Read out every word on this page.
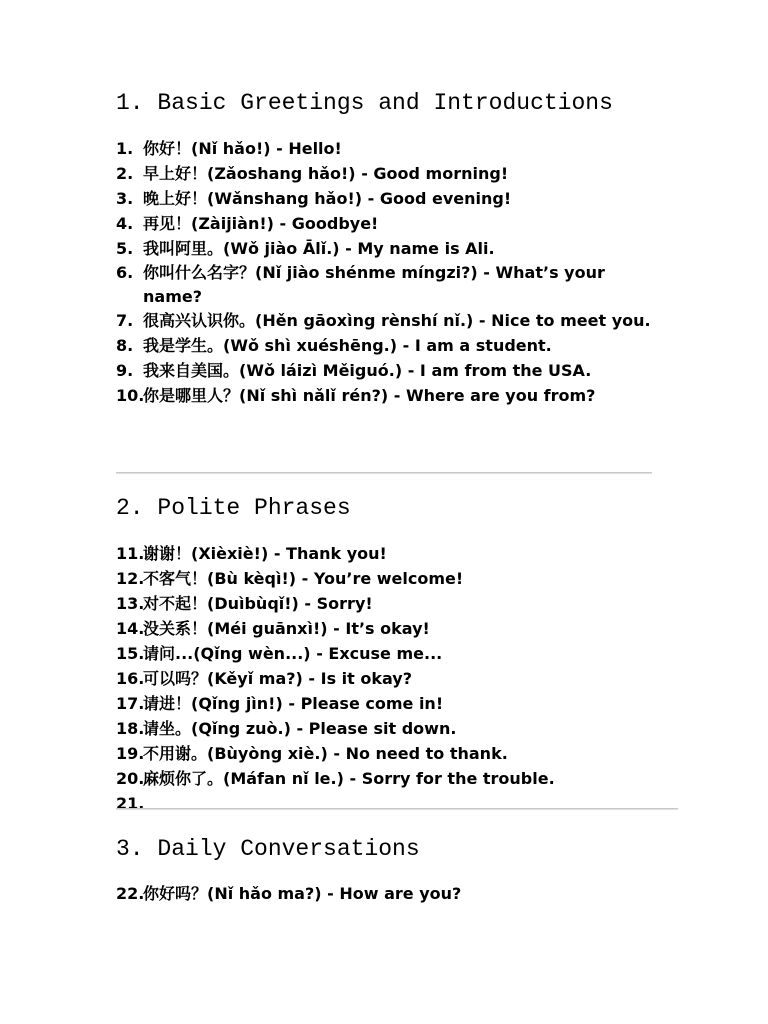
1. Basic Greetings and Introductions
1. 你好！(Nǐ hǎo!) - Hello!
2. 早上好！(Zǎoshang hǎo!) - Good morning!
3. 晚上好！(Wǎnshang hǎo!) - Good evening!
4. 再见！(Zàijiàn!) - Goodbye!
5. 我叫阿里。(Wǒ jiào Ālǐ.) - My name is Ali.
6. 你叫什么名字？(Nǐ jiào shénme míngzi?) - What’s your name?
7. 很高兴认识你。(Hěn gāoxìng rènshí nǐ.) - Nice to meet you.
8. 我是学生。(Wǒ shì xuéshēng.) - I am a student.
9. 我来自美国。(Wǒ láizì Měiguó.) - I am from the USA.
10.
你是哪里人？(Nǐ shì nǎlǐ rén?) - Where are you from?
2. Polite Phrases
11.
谢谢！(Xièxiè!) - Thank you!
12.
不客气！(Bù kèqì!) - You’re welcome!
13.
对不起！(Duìbùqǐ!) - Sorry!
14.
没关系！(Méi guānxì!) - It’s okay!
15.
请问...(Qǐng wèn...) - Excuse me...
16.
可以吗？(Kěyǐ ma?) - Is it okay?
17.
请进！(Qǐng jìn!) - Please come in!
18.
请坐。(Qǐng zuò.) - Please sit down.
19.
不用谢。(Bùyòng xiè.) - No need to thank.
20.
麻烦你了。(Máfan nǐ le.) - Sorry for the trouble.
21.
3. Daily Conversations
22.
你好吗？(Nǐ hǎo ma?) - How are you?
